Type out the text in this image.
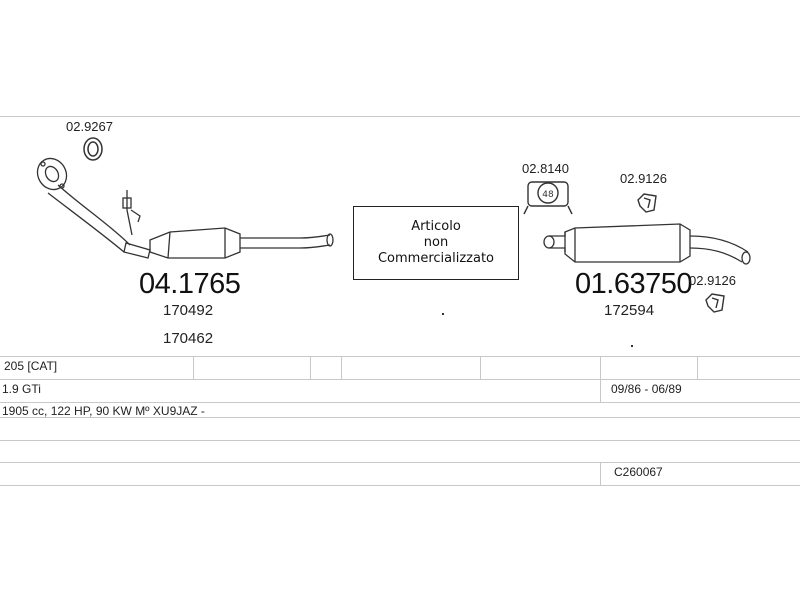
48
02.9267
04.1765
170492
170462
Articolo
non
Commercializzato
02.8140
02.9126
01.63750
02.9126
172594
205 [CAT]
1.9 GTi	09/86 - 06/89
1905 cc, 122 HP, 90 KW Mº XU9JAZ -
C260067
